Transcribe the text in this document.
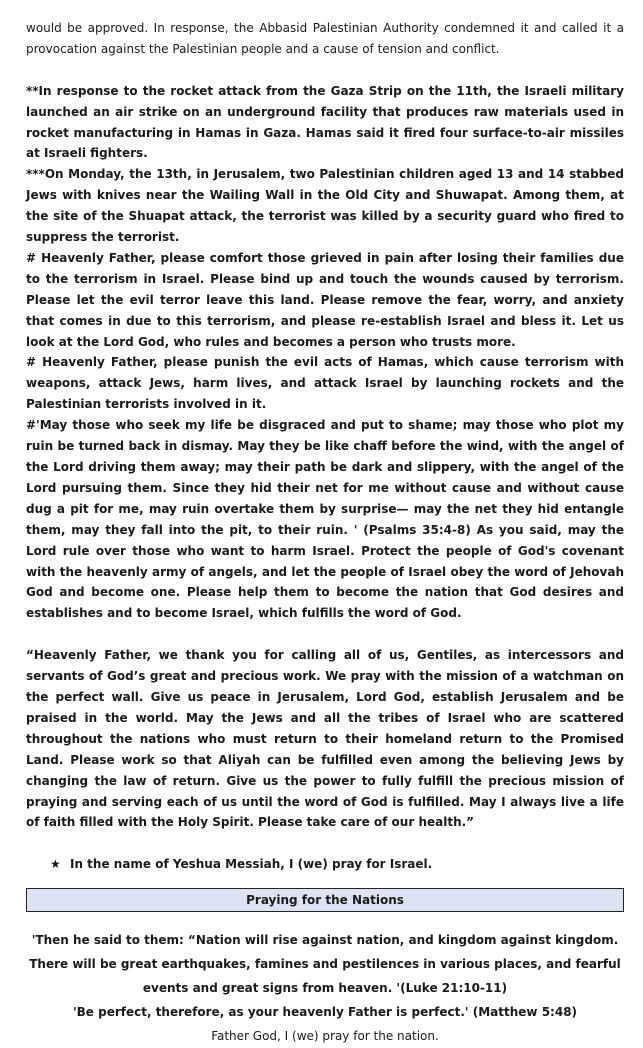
would be approved. In response, the Abbasid Palestinian Authority condemned it and called it a provocation against the Palestinian people and a cause of tension and conflict.

**In response to the rocket attack from the Gaza Strip on the 11th, the Israeli military launched an air strike on an underground facility that produces raw materials used in rocket manufacturing in Hamas in Gaza. Hamas said it fired four surface-to-air missiles at Israeli fighters.

***On Monday, the 13th, in Jerusalem, two Palestinian children aged 13 and 14 stabbed Jews with knives near the Wailing Wall in the Old City and Shuwapat. Among them, at the site of the Shuapat attack, the terrorist was killed by a security guard who fired to suppress the terrorist.

# Heavenly Father, please comfort those grieved in pain after losing their families due to the terrorism in Israel. Please bind up and touch the wounds caused by terrorism. Please let the evil terror leave this land. Please remove the fear, worry, and anxiety that comes in due to this terrorism, and please re-establish Israel and bless it. Let us look at the Lord God, who rules and becomes a person who trusts more.

# Heavenly Father, please punish the evil acts of Hamas, which cause terrorism with weapons, attack Jews, harm lives, and attack Israel by launching rockets and the Palestinian terrorists involved in it.

#'May those who seek my life be disgraced and put to shame; may those who plot my ruin be turned back in dismay. May they be like chaff before the wind, with the angel of the Lord driving them away; may their path be dark and slippery, with the angel of the Lord pursuing them. Since they hid their net for me without cause and without cause dug a pit for me, may ruin overtake them by surprise— may the net they hid entangle them, may they fall into the pit, to their ruin. ' (Psalms 35:4-8) As you said, may the Lord rule over those who want to harm Israel. Protect the people of God's covenant with the heavenly army of angels, and let the people of Israel obey the word of Jehovah God and become one. Please help them to become the nation that God desires and establishes and to become Israel, which fulfills the word of God.

“Heavenly Father, we thank you for calling all of us, Gentiles, as intercessors and servants of God’s great and precious work. We pray with the mission of a watchman on the perfect wall. Give us peace in Jerusalem, Lord God, establish Jerusalem and be praised in the world. May the Jews and all the tribes of Israel who are scattered throughout the nations who must return to their homeland return to the Promised Land. Please work so that Aliyah can be fulfilled even among the believing Jews by changing the law of return. Give us the power to fully fulfill the precious mission of praying and serving each of us until the word of God is fulfilled. May I always live a life of faith filled with the Holy Spirit. Please take care of our health.”

★ In the name of Yeshua Messiah, I (we) pray for Israel.
Praying for the Nations

'Then he said to them: “Nation will rise against nation, and kingdom against kingdom. There will be great earthquakes, famines and pestilences in various places, and fearful events and great signs from heaven. '(Luke 21:10-11)

'Be perfect, therefore, as your heavenly Father is perfect.' (Matthew 5:48)

Father God, I (we) pray for the nation.
